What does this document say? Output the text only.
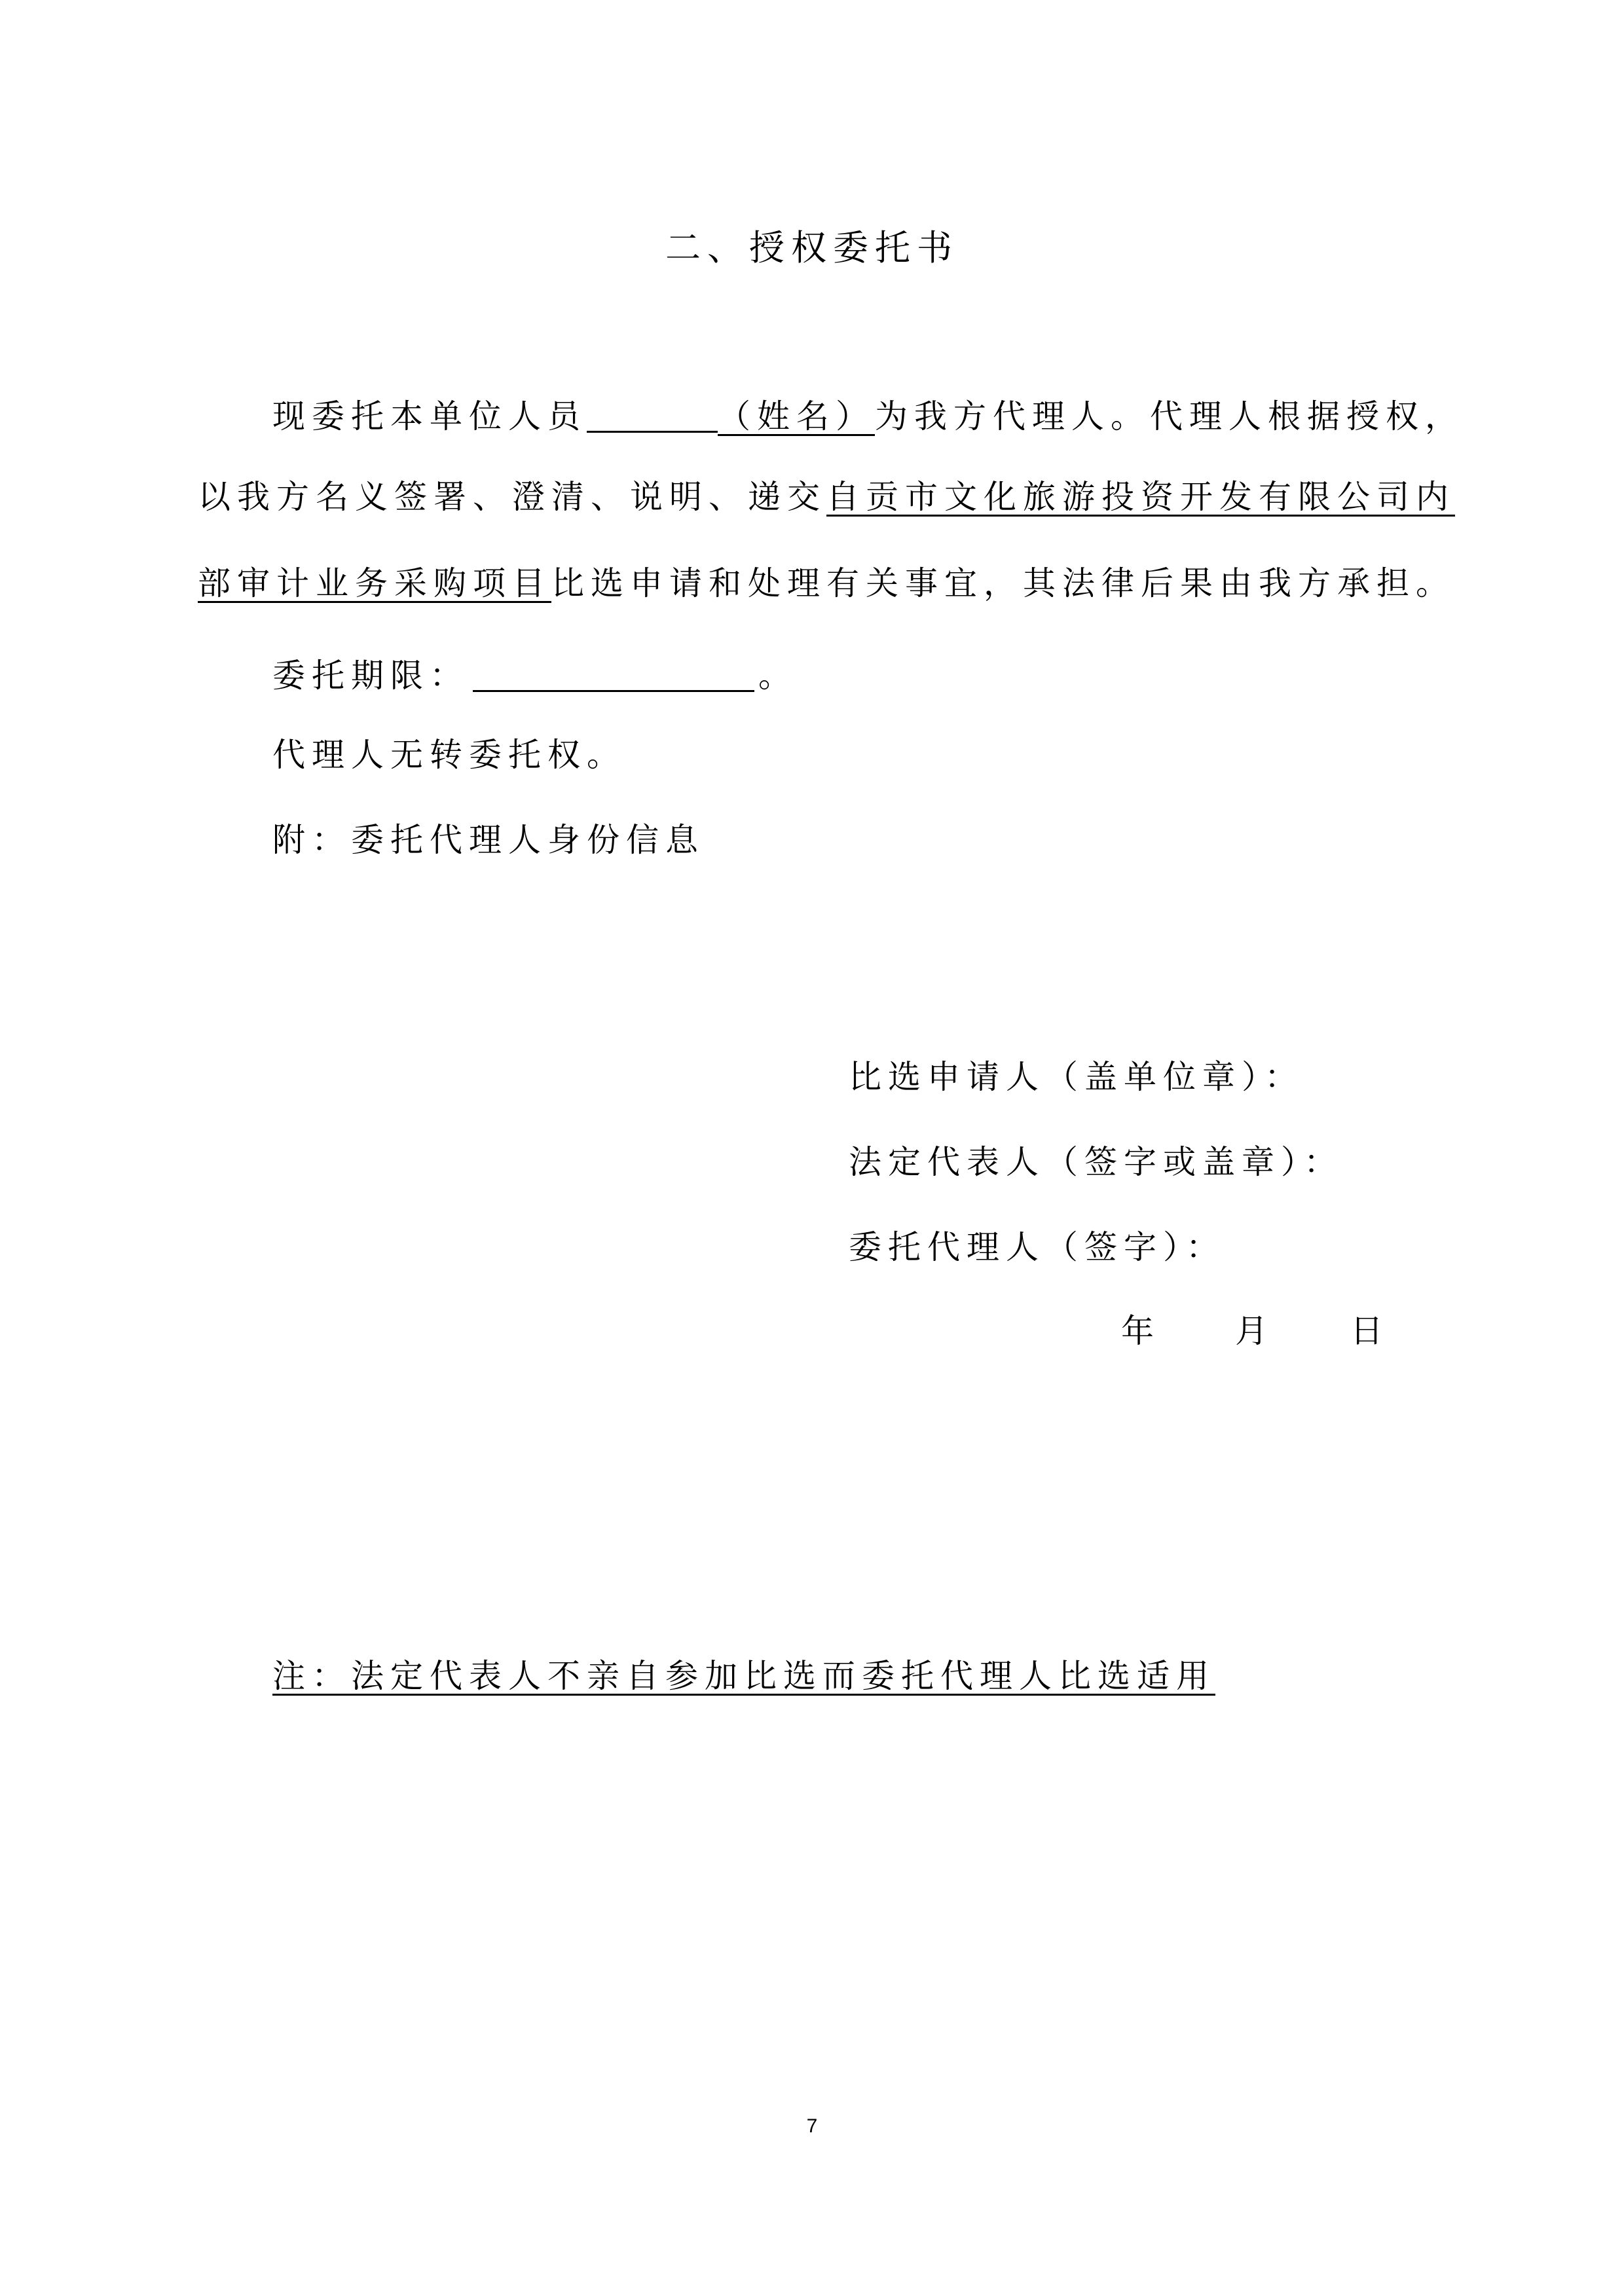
二、授权委托书
现委托本单位人员	（姓名）为我方代理人。代理人根据授权，
以我方名义签署、澄清、说明、递交自贡市文化旅游投资开发有限公司内
部审计业务采购项目比选申请和处理有关事宜，其法律后果由我方承担。
委托期限：	。
代理人无转委托权。
附：委托代理人身份信息
比选申请人（盖单位章）：
法定代表人（签字或盖章）：
委托代理人（签字）：
年 月	日
注：法定代表人不亲自参加比选而委托代理人比选适用
7
